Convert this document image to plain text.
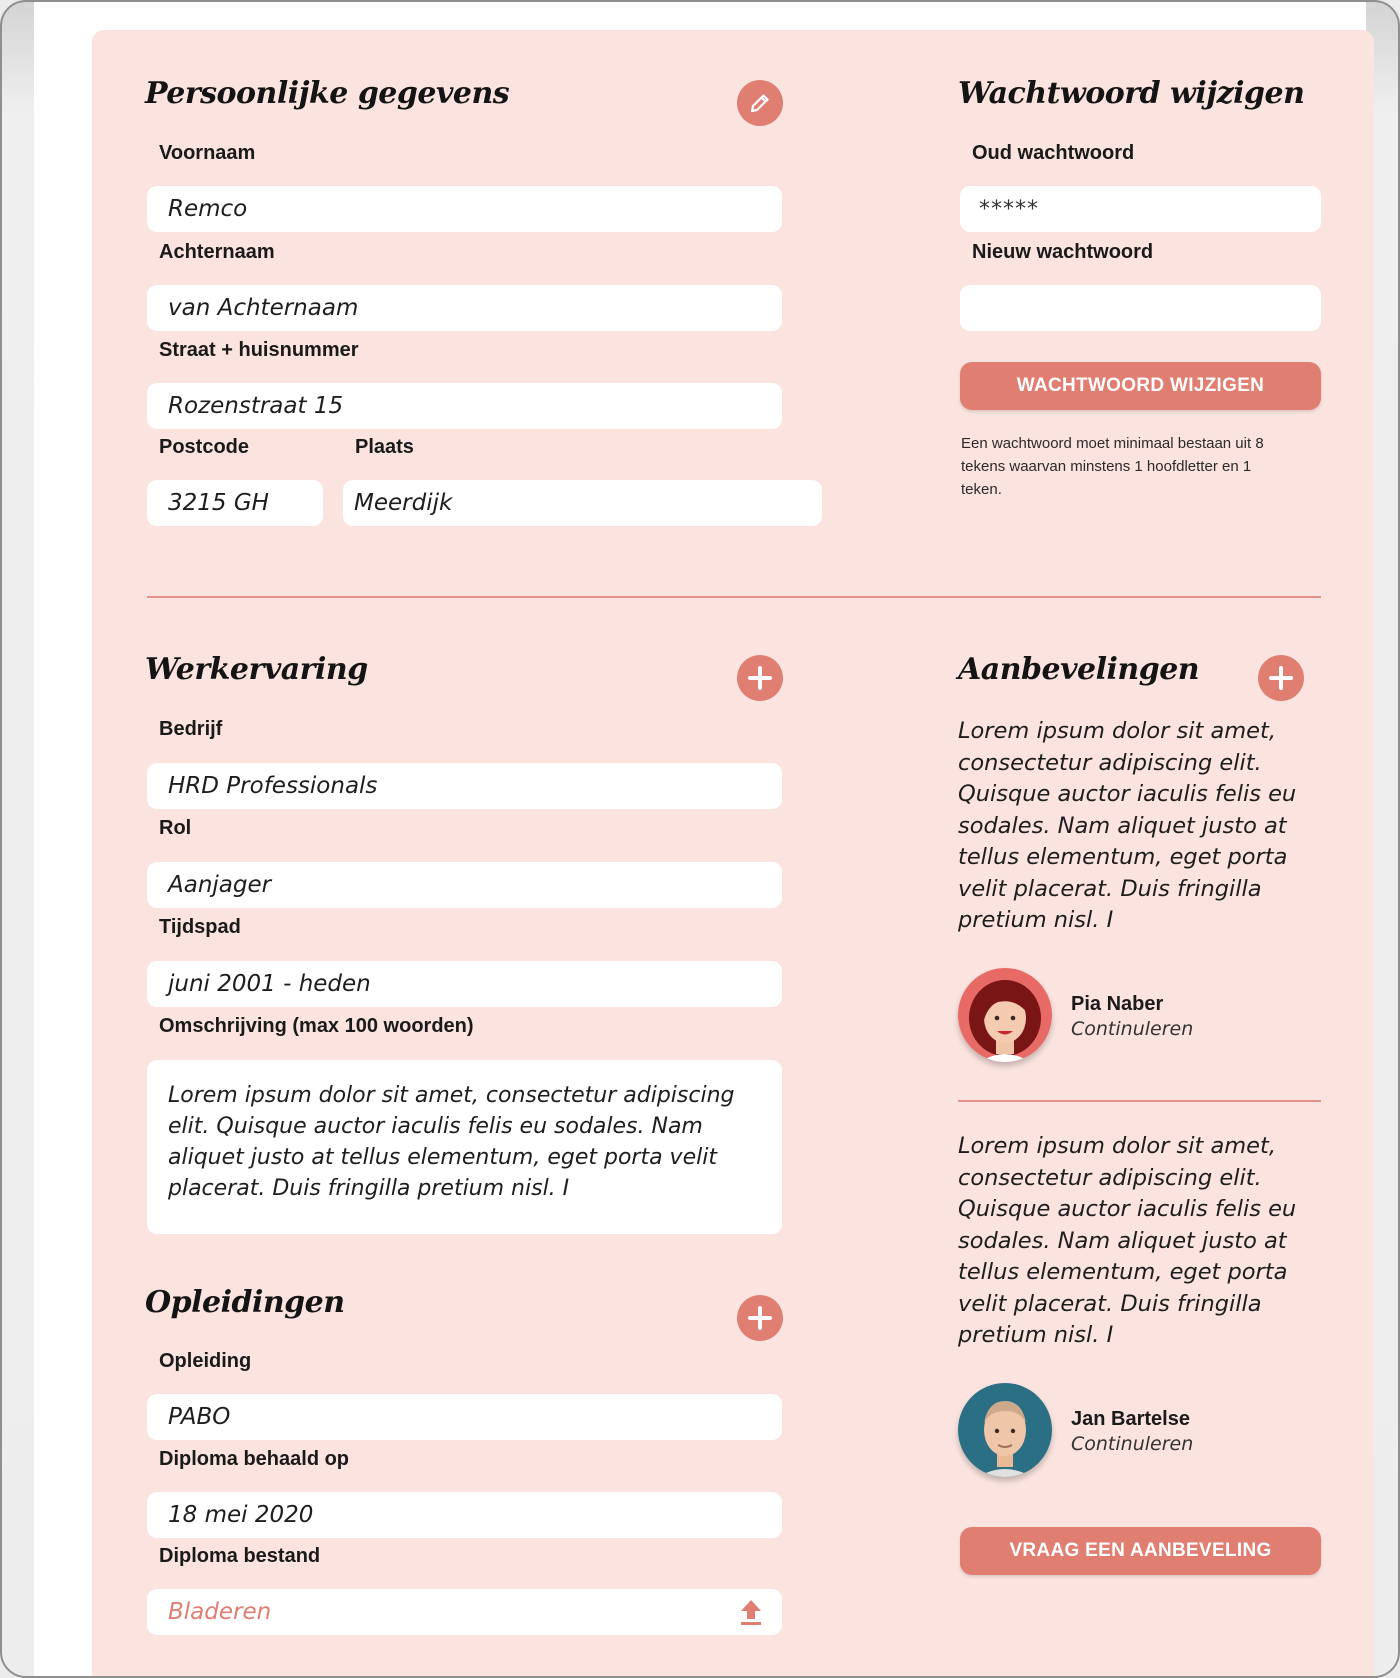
Persoonlijke gegevens
Voornaam
Remco
Achternaam
van Achternaam
Straat + huisnummer
Rozenstraat 15
Postcode
3215 GH
Plaats
Meerdijk
Wachtwoord wijzigen
Oud wachtwoord
*****
Nieuw wachtwoord
WACHTWOORD WIJZIGEN
Een wachtwoord moet minimaal bestaan uit 8 tekens waarvan minstens 1 hoofdletter en 1 teken.
Werkervaring
Bedrijf
HRD Professionals
Rol
Aanjager
Tijdspad
juni 2001 - heden
Omschrijving (max 100 woorden)
Lorem ipsum dolor sit amet, consectetur adipiscing elit. Quisque auctor iaculis felis eu sodales. Nam aliquet justo at tellus elementum, eget porta velit placerat. Duis fringilla pretium nisl. I
Opleidingen
Opleiding
PABO
Diploma behaald op
18 mei 2020
Diploma bestand
Bladeren
Aanbevelingen
Lorem ipsum dolor sit amet, consectetur adipiscing elit. Quisque auctor iaculis felis eu sodales. Nam aliquet justo at tellus elementum, eget porta velit placerat. Duis fringilla pretium nisl. I
Pia Naber
Continuleren
Lorem ipsum dolor sit amet, consectetur adipiscing elit. Quisque auctor iaculis felis eu sodales. Nam aliquet justo at tellus elementum, eget porta velit placerat. Duis fringilla pretium nisl. I
Jan Bartelse
Continuleren
VRAAG EEN AANBEVELING
